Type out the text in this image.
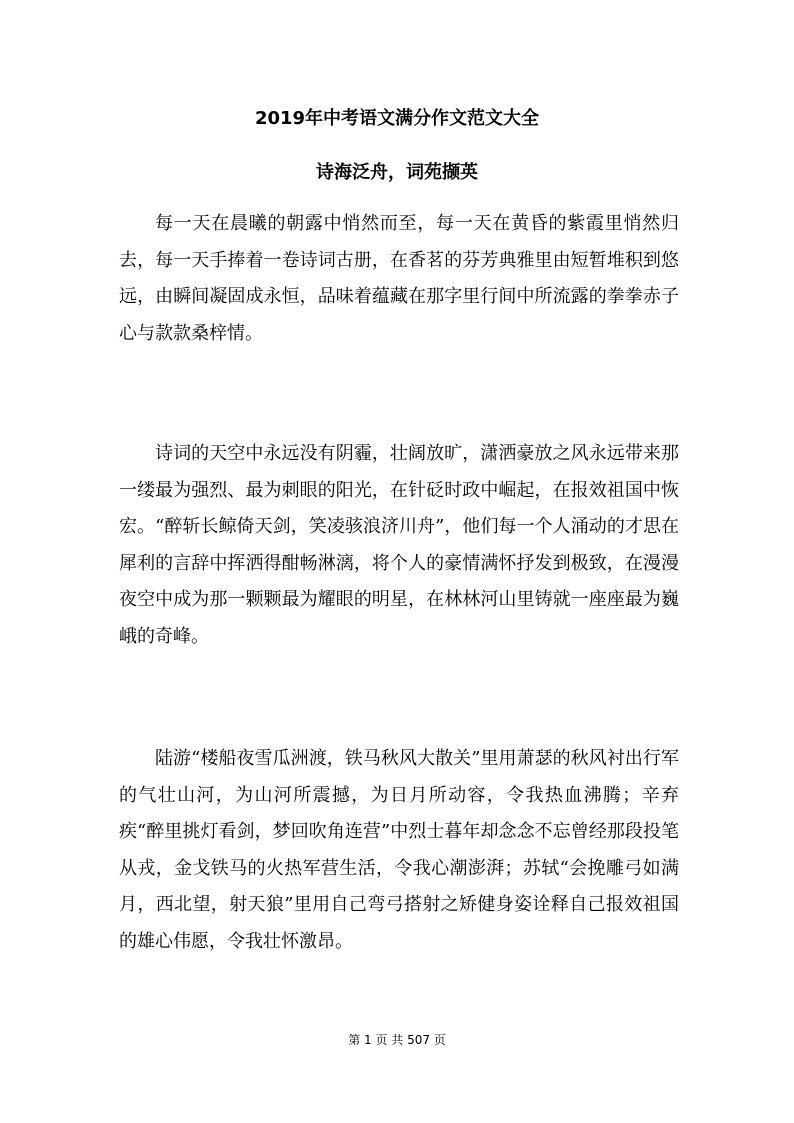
2019年中考语文满分作文范文大全
诗海泛舟，词苑撷英

每一天在晨曦的朝露中悄然而至，每一天在黄昏的紫霞里悄然归去，每一天手捧着一卷诗词古册，在香茗的芬芳典雅里由短暂堆积到悠远，由瞬间凝固成永恒，品味着蕴藏在那字里行间中所流露的拳拳赤子心与款款桑梓情。

诗词的天空中永远没有阴霾，壮阔放旷，潇洒豪放之风永远带来那一缕最为强烈、最为刺眼的阳光，在针砭时政中崛起，在报效祖国中恢宏。“醉斩长鲸倚天剑，笑凌骇浪济川舟”，他们每一个人涌动的才思在犀利的言辞中挥洒得酣畅淋漓，将个人的豪情满怀抒发到极致，在漫漫夜空中成为那一颗颗最为耀眼的明星，在林林河山里铸就一座座最为巍峨的奇峰。

陆游“楼船夜雪瓜洲渡，铁马秋风大散关”里用萧瑟的秋风衬出行军的气壮山河，为山河所震撼，为日月所动容，令我热血沸腾；辛弃疾“醉里挑灯看剑，梦回吹角连营”中烈士暮年却念念不忘曾经那段投笔从戎，金戈铁马的火热军营生活，令我心潮澎湃；苏轼“会挽雕弓如满月，西北望，射天狼”里用自己弯弓搭射之矫健身姿诠释自己报效祖国的雄心伟愿，令我壮怀激昂。

第 1 页 共 507 页
